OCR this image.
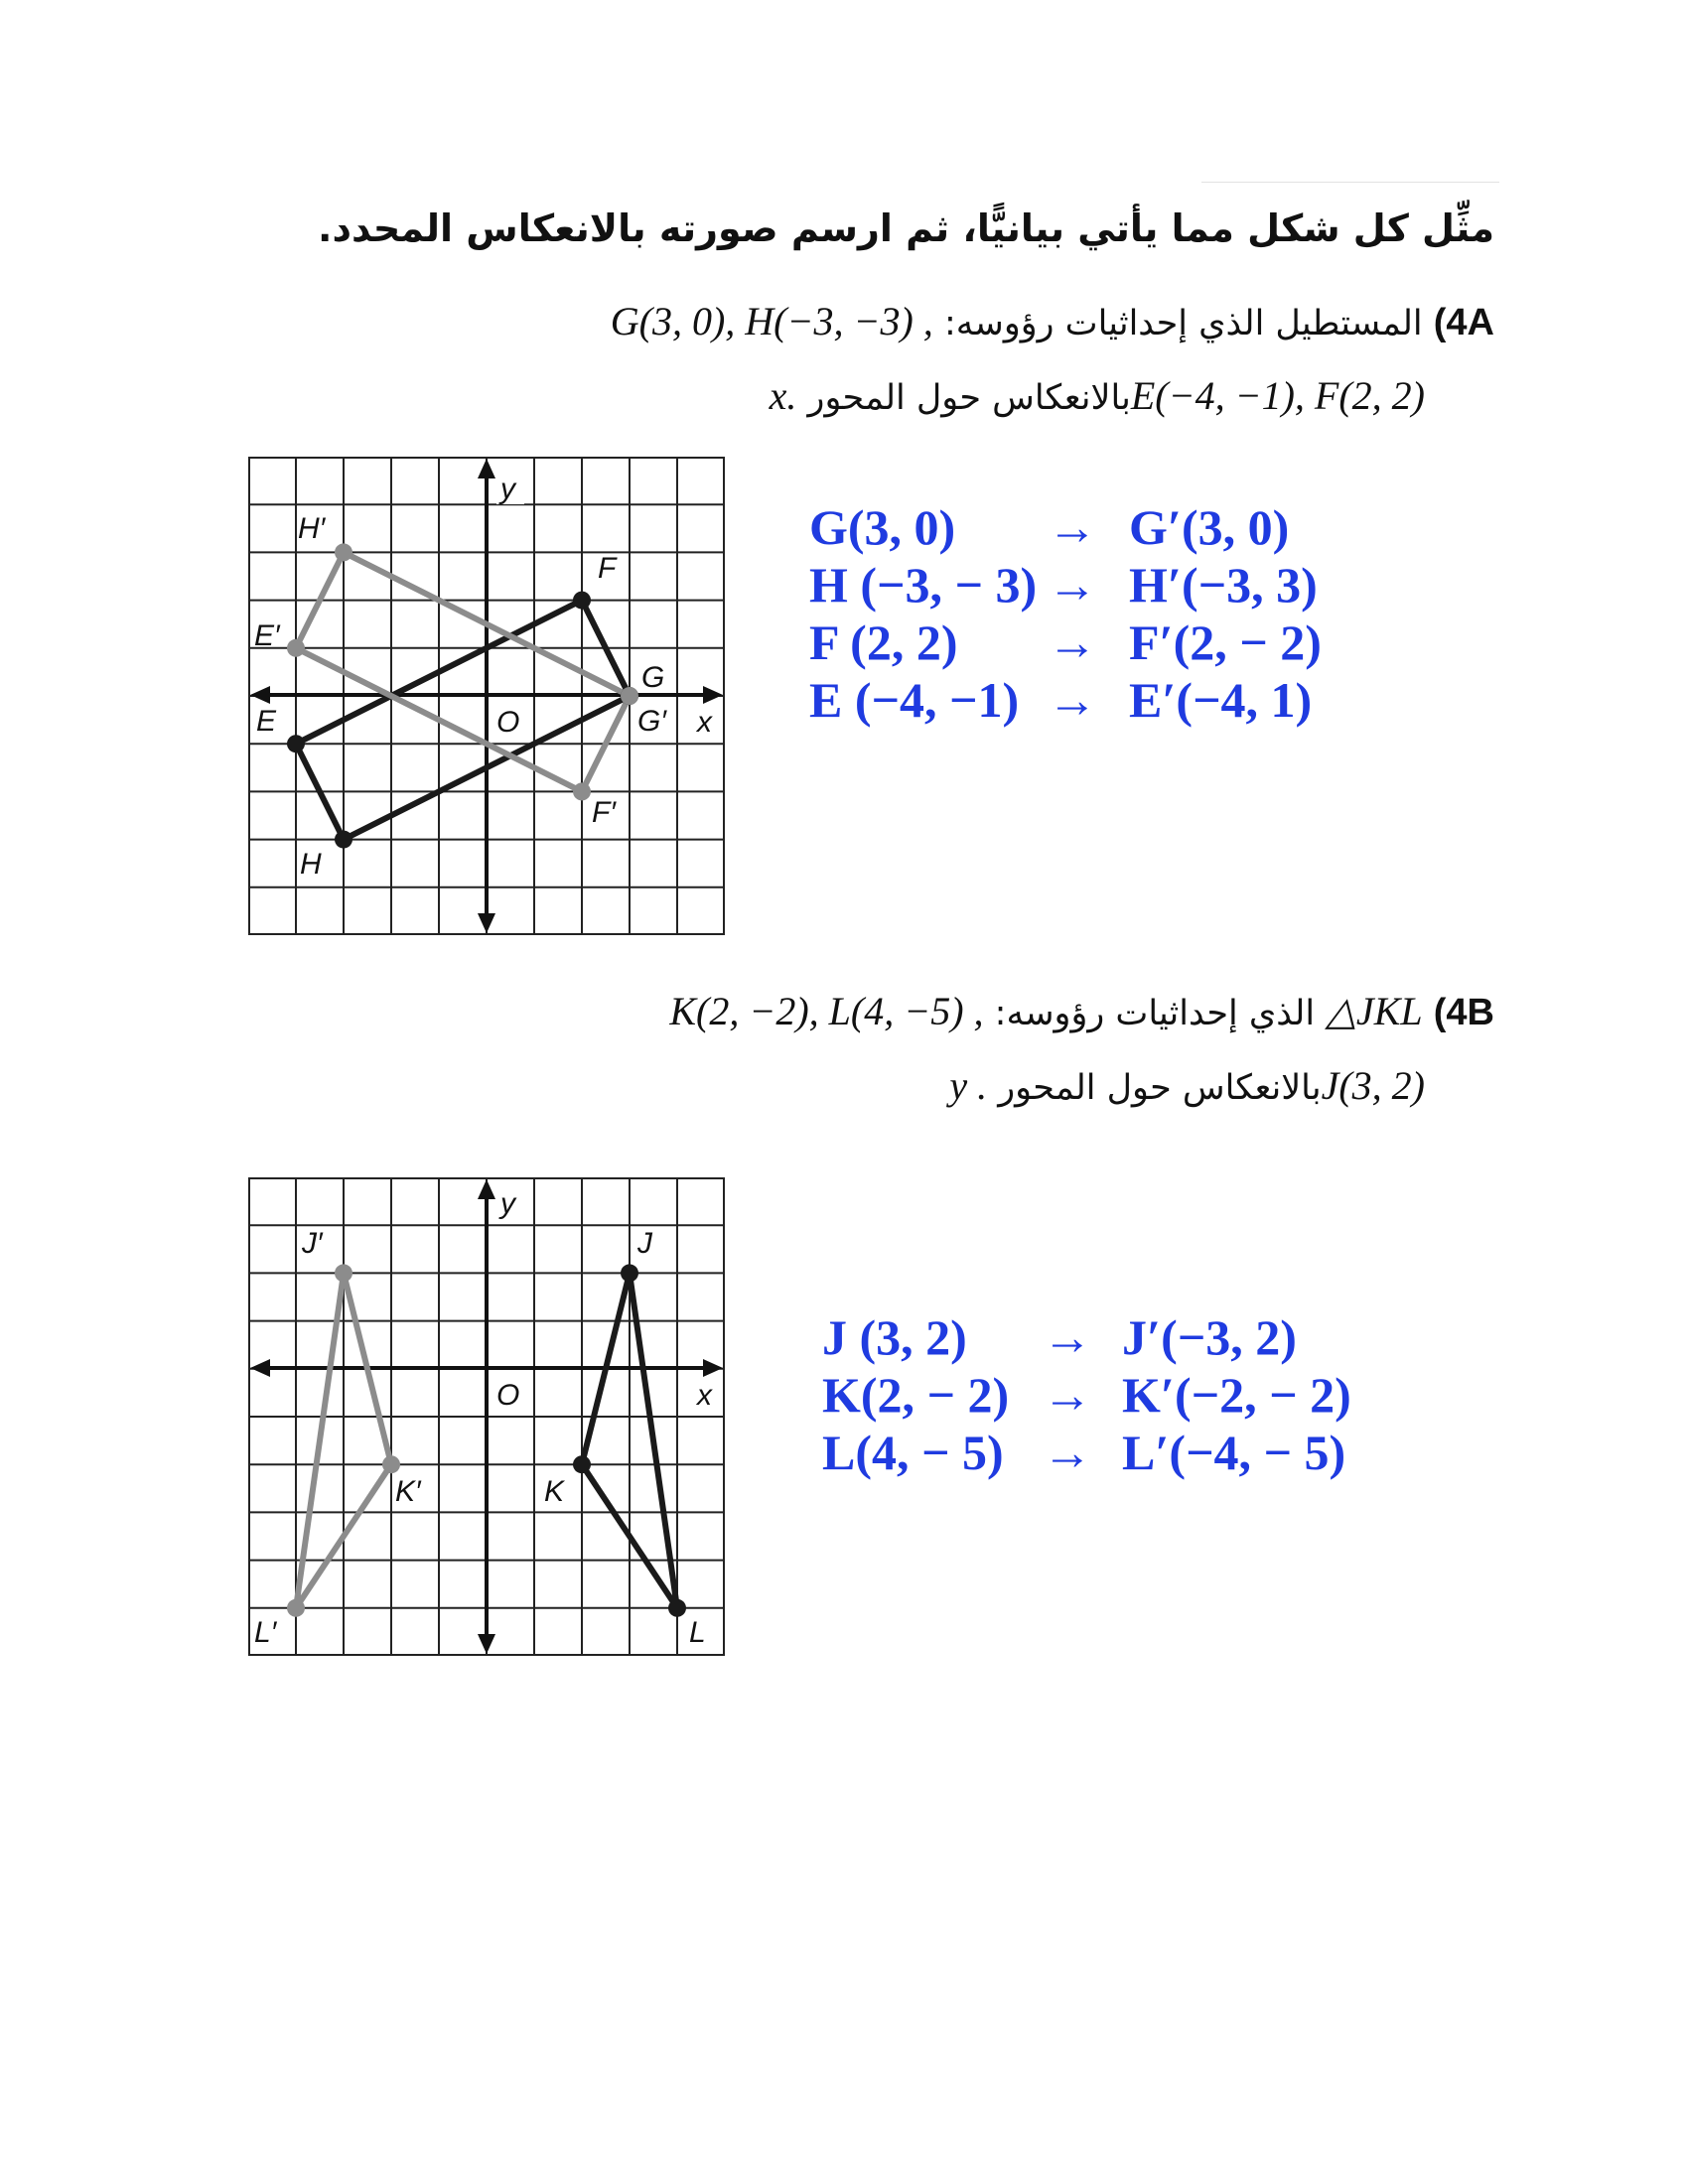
مثِّل كل شكل مما يأتي بيانيًّا، ثم ارسم صورته بالانعكاس المحدد.
4A) المستطيل الذي إحداثيات رؤوسه: G(3, 0), H(−3, −3) ,
E(−4, −1), F(2, 2)بالانعكاس حول المحور x.
y
x
O
H′
E′
F
G
G′
E
F′
H
G(3, 0)	→ G′(3, 0)
H (−3, − 3) → H′(−3, 3)
F (2, 2)	→ F′(2, − 2)
E (−4, −1) → E′(−4, 1)
4B) △JKL الذي إحداثيات رؤوسه: K(2, −2), L(4, −5) ,
J(3, 2)بالانعكاس حول المحور y .
y
x
O
J′	J
K′	K
L′	L
J (3, 2)	→ J′(−3, 2)
K(2, − 2) → K′(−2, − 2)
L(4, − 5) → L′(−4, − 5)
